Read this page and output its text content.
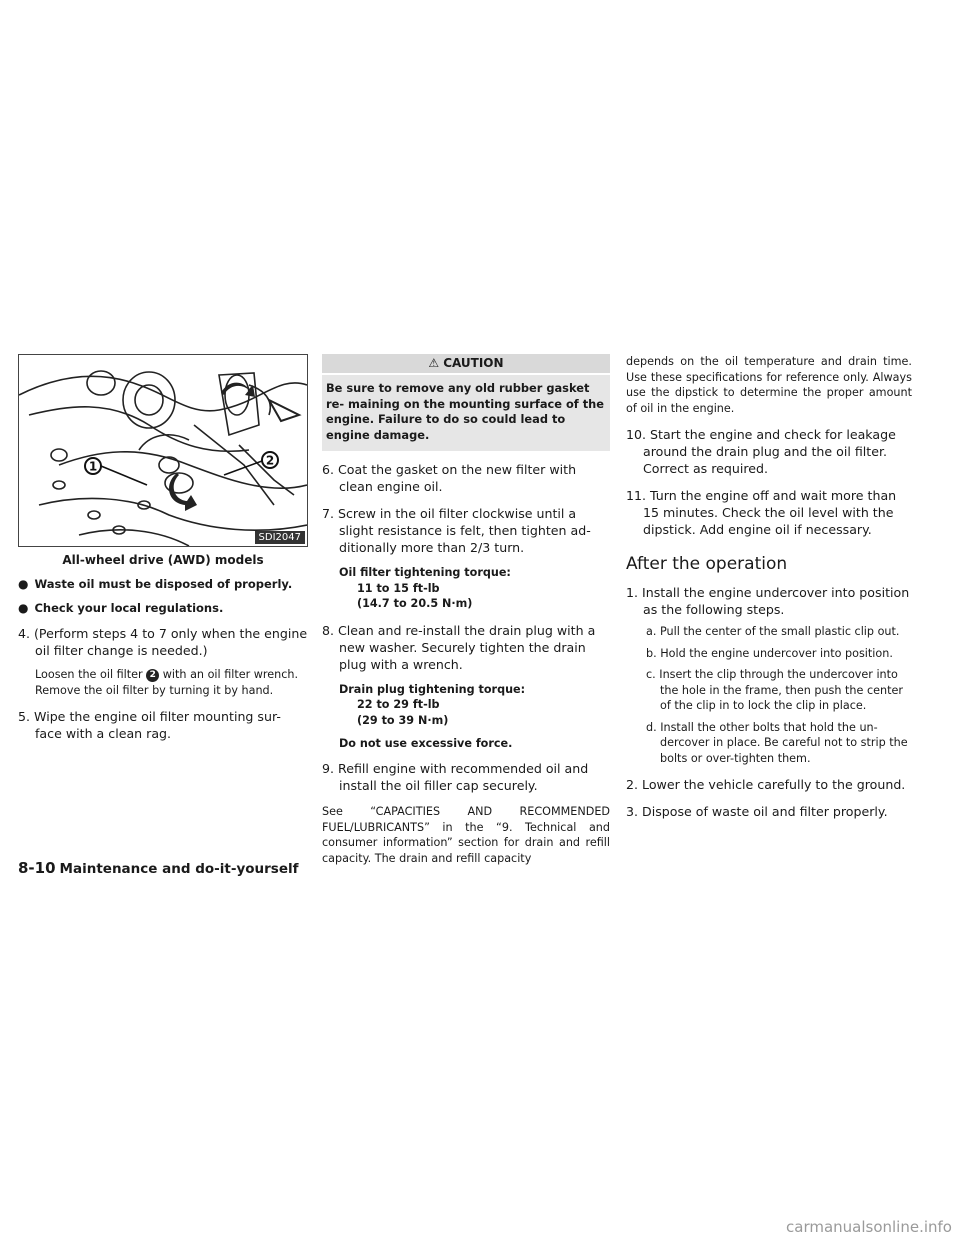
1	2
SDI2047
All-wheel drive (AWD) models
● Waste oil must be disposed of properly.
● Check your local regulations.

4. (Perform steps 4 to 7 only when the engine oil filter change is needed.)

Loosen the oil filter 2 with an oil filter wrench. Remove the oil filter by turning it by hand.

5. Wipe the engine oil filter mounting sur- face with a clean rag.

⚠ CAUTION
Be sure to remove any old rubber gasket re- maining on the mounting surface of the engine. Failure to do so could lead to engine damage.

6. Coat the gasket on the new filter with clean engine oil.

7. Screw in the oil filter clockwise until a slight resistance is felt, then tighten ad- ditionally more than 2/3 turn.

Oil filter tightening torque:
11 to 15 ft-lb
(14.7 to 20.5 N·m)

8. Clean and re-install the drain plug with a new washer. Securely tighten the drain plug with a wrench.

Drain plug tightening torque:
22 to 29 ft-lb
(29 to 39 N·m)

Do not use excessive force.

9. Refill engine with recommended oil and install the oil filler cap securely.

See “CAPACITIES AND RECOMMENDED FUEL/LUBRICANTS” in the “9. Technical and consumer information” section for drain and refill capacity. The drain and refill capacity

depends on the oil temperature and drain time. Use these specifications for reference only. Always use the dipstick to determine the proper amount of oil in the engine.

10. Start the engine and check for leakage around the drain plug and the oil filter. Correct as required.

11. Turn the engine off and wait more than 15 minutes. Check the oil level with the dipstick. Add engine oil if necessary.

After the operation

1. Install the engine undercover into position as the following steps.

a. Pull the center of the small plastic clip out.

b. Hold the engine undercover into position.

c. Insert the clip through the undercover into the hole in the frame, then push the center of the clip in to lock the clip in place.

d. Install the other bolts that hold the un- dercover in place. Be careful not to strip the bolts or over-tighten them.

2. Lower the vehicle carefully to the ground.

3. Dispose of waste oil and filter properly.

8-10 Maintenance and do-it-yourself
carmanualsonline.info
